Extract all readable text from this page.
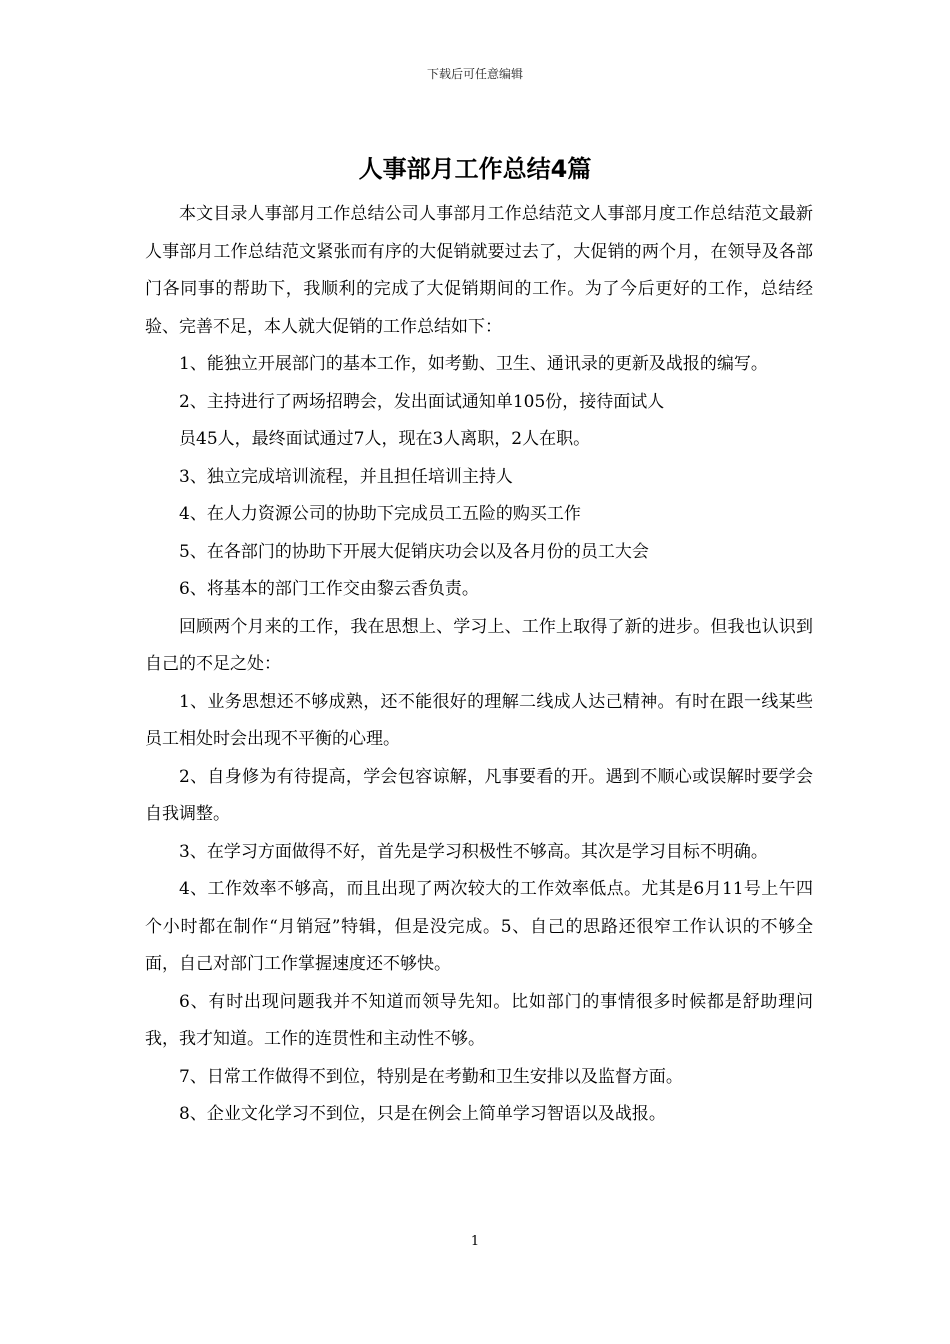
下载后可任意编辑
人事部月工作总结4篇

本文目录人事部月工作总结公司人事部月工作总结范文人事部月度工作总结范文最新人事部月工作总结范文紧张而有序的大促销就要过去了，大促销的两个月，在领导及各部门各同事的帮助下，我顺利的完成了大促销期间的工作。为了今后更好的工作，总结经验、完善不足，本人就大促销的工作总结如下：

1、能独立开展部门的基本工作，如考勤、卫生、通讯录的更新及战报的编写。

2、主持进行了两场招聘会，发出面试通知单105份，接待面试人

员45人，最终面试通过7人，现在3人离职，2人在职。

3、独立完成培训流程，并且担任培训主持人

4、在人力资源公司的协助下完成员工五险的购买工作

5、在各部门的协助下开展大促销庆功会以及各月份的员工大会

6、将基本的部门工作交由黎云香负责。

回顾两个月来的工作，我在思想上、学习上、工作上取得了新的进步。但我也认识到自己的不足之处：

1、业务思想还不够成熟，还不能很好的理解二线成人达己精神。有时在跟一线某些员工相处时会出现不平衡的心理。

2、自身修为有待提高，学会包容谅解，凡事要看的开。遇到不顺心或误解时要学会自我调整。

3、在学习方面做得不好，首先是学习积极性不够高。其次是学习目标不明确。

4、工作效率不够高，而且出现了两次较大的工作效率低点。尤其是6月11号上午四个小时都在制作“月销冠”特辑，但是没完成。5、自己的思路还很窄工作认识的不够全面，自己对部门工作掌握速度还不够快。

6、有时出现问题我并不知道而领导先知。比如部门的事情很多时候都是舒助理问我，我才知道。工作的连贯性和主动性不够。

7、日常工作做得不到位，特别是在考勤和卫生安排以及监督方面。

8、企业文化学习不到位，只是在例会上简单学习智语以及战报。

1
